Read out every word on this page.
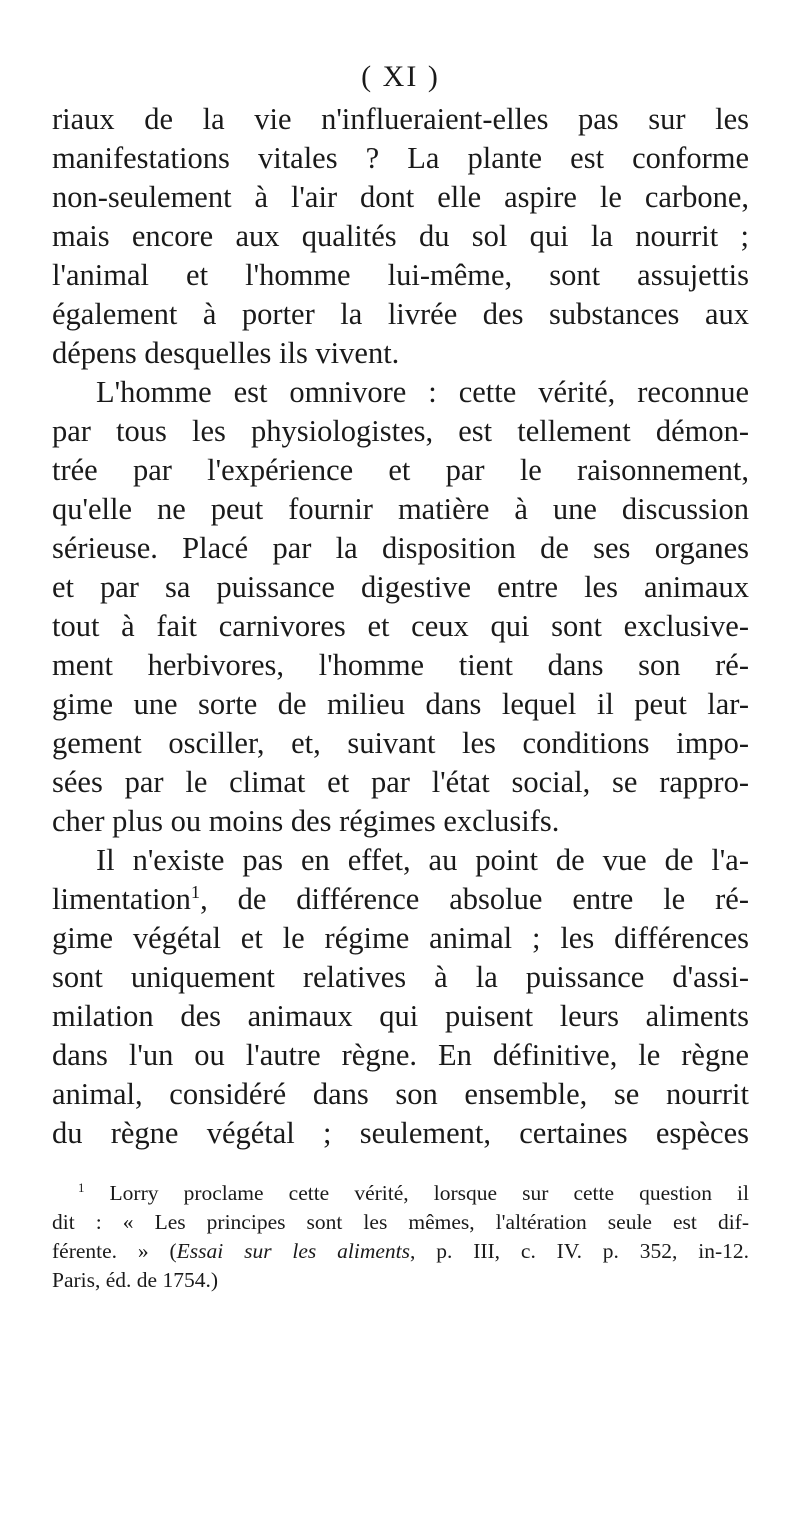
( XI )
riaux de la vie n'influeraient-elles pas sur les
manifestations vitales ? La plante est conforme
non-seulement à l'air dont elle aspire le carbone,
mais encore aux qualités du sol qui la nourrit ;
l'animal et l'homme lui-même, sont assujettis
également à porter la livrée des substances aux
dépens desquelles ils vivent.
L'homme est omnivore : cette vérité, reconnue
par tous les physiologistes, est tellement démon-
trée par l'expérience et par le raisonnement,
qu'elle ne peut fournir matière à une discussion
sérieuse. Placé par la disposition de ses organes
et par sa puissance digestive entre les animaux
tout à fait carnivores et ceux qui sont exclusive-
ment herbivores, l'homme tient dans son ré-
gime une sorte de milieu dans lequel il peut lar-
gement osciller, et, suivant les conditions impo-
sées par le climat et par l'état social, se rappro-
cher plus ou moins des régimes exclusifs.
Il n'existe pas en effet, au point de vue de l'a-
limentation$^1$, de différence absolue entre le ré-
gime végétal et le régime animal ; les différences
sont uniquement relatives à la puissance d'assi-
milation des animaux qui puisent leurs aliments
dans l'un ou l'autre règne. En définitive, le règne
animal, considéré dans son ensemble, se nourrit
du règne végétal ; seulement, certaines espèces
$^1$ Lorry proclame cette vérité, lorsque sur cette question il
dit : « Les principes sont les mêmes, l'altération seule est dif-
férente. » (Essai sur les aliments, p. III, c. IV. p. 352, in-12.
Paris, éd. de 1754.)
